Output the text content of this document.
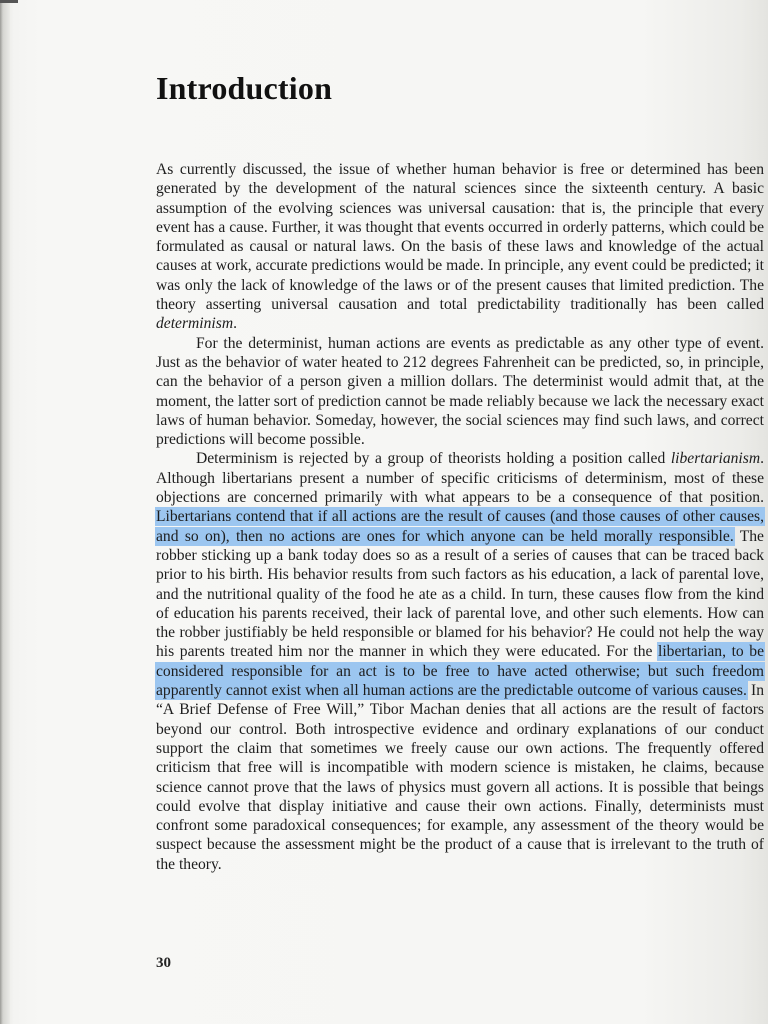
Introduction

As currently discussed, the issue of whether human behavior is free or determined has been generated by the development of the natural sciences since the sixteenth century. A basic assumption of the evolving sciences was universal causation: that is, the principle that every event has a cause. Further, it was thought that events occurred in orderly patterns, which could be formulated as causal or natural laws. On the basis of these laws and knowledge of the actual causes at work, accurate predictions would be made. In principle, any event could be predicted; it was only the lack of knowledge of the laws or of the present causes that limited prediction. The theory asserting universal causation and total predictability traditionally has been called determinism.

For the determinist, human actions are events as predictable as any other type of event. Just as the behavior of water heated to 212 degrees Fahrenheit can be predicted, so, in principle, can the behavior of a person given a million dollars. The determinist would admit that, at the moment, the latter sort of prediction cannot be made reliably because we lack the necessary exact laws of human behavior. Someday, however, the social sciences may find such laws, and correct predictions will become possible.

Determinism is rejected by a group of theorists holding a position called libertarianism. Although libertarians present a number of specific criticisms of determinism, most of these objections are concerned primarily with what appears to be a consequence of that position. Libertarians contend that if all actions are the result of causes (and those causes of other causes, and so on), then no actions are ones for which anyone can be held morally responsible. The robber sticking up a bank today does so as a result of a series of causes that can be traced back prior to his birth. His behavior results from such factors as his education, a lack of parental love, and the nutritional quality of the food he ate as a child. In turn, these causes flow from the kind of education his parents received, their lack of parental love, and other such elements. How can the robber justifiably be held responsible or blamed for his behavior? He could not help the way his parents treated him nor the manner in which they were educated. For the libertarian, to be considered responsible for an act is to be free to have acted otherwise; but such freedom apparently cannot exist when all human actions are the predictable outcome of various causes. In “A Brief Defense of Free Will,” Tibor Machan denies that all actions are the result of factors beyond our control. Both introspective evidence and ordinary explanations of our conduct support the claim that sometimes we freely cause our own actions. The frequently offered criticism that free will is incompatible with modern science is mistaken, he claims, because science cannot prove that the laws of physics must govern all actions. It is possible that beings could evolve that display initiative and cause their own actions. Finally, determinists must confront some paradoxical consequences; for example, any assessment of the theory would be suspect because the assessment might be the product of a cause that is irrelevant to the truth of the theory.

30
